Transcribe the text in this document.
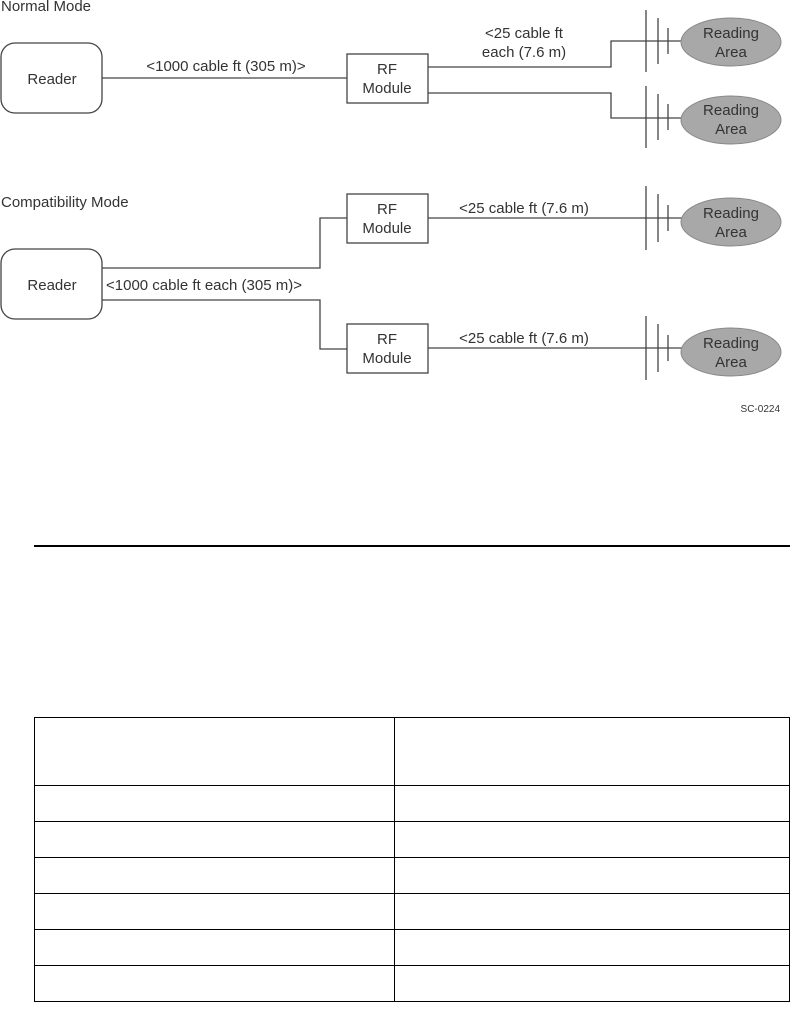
Normal Mode
Reader
<1000 cable ft (305 m)>	RF
Module
<25 cable ft
each (7.6 m)
Reading
Area
Reading
Area
Compatibility Mode
Reader <1000 cable ft each (305 m)>
RF
Module
RF
Module
<25 cable ft (7.6 m)
<25 cable ft (7.6 m)
Reading
Area
Reading
Area
SC-0224
